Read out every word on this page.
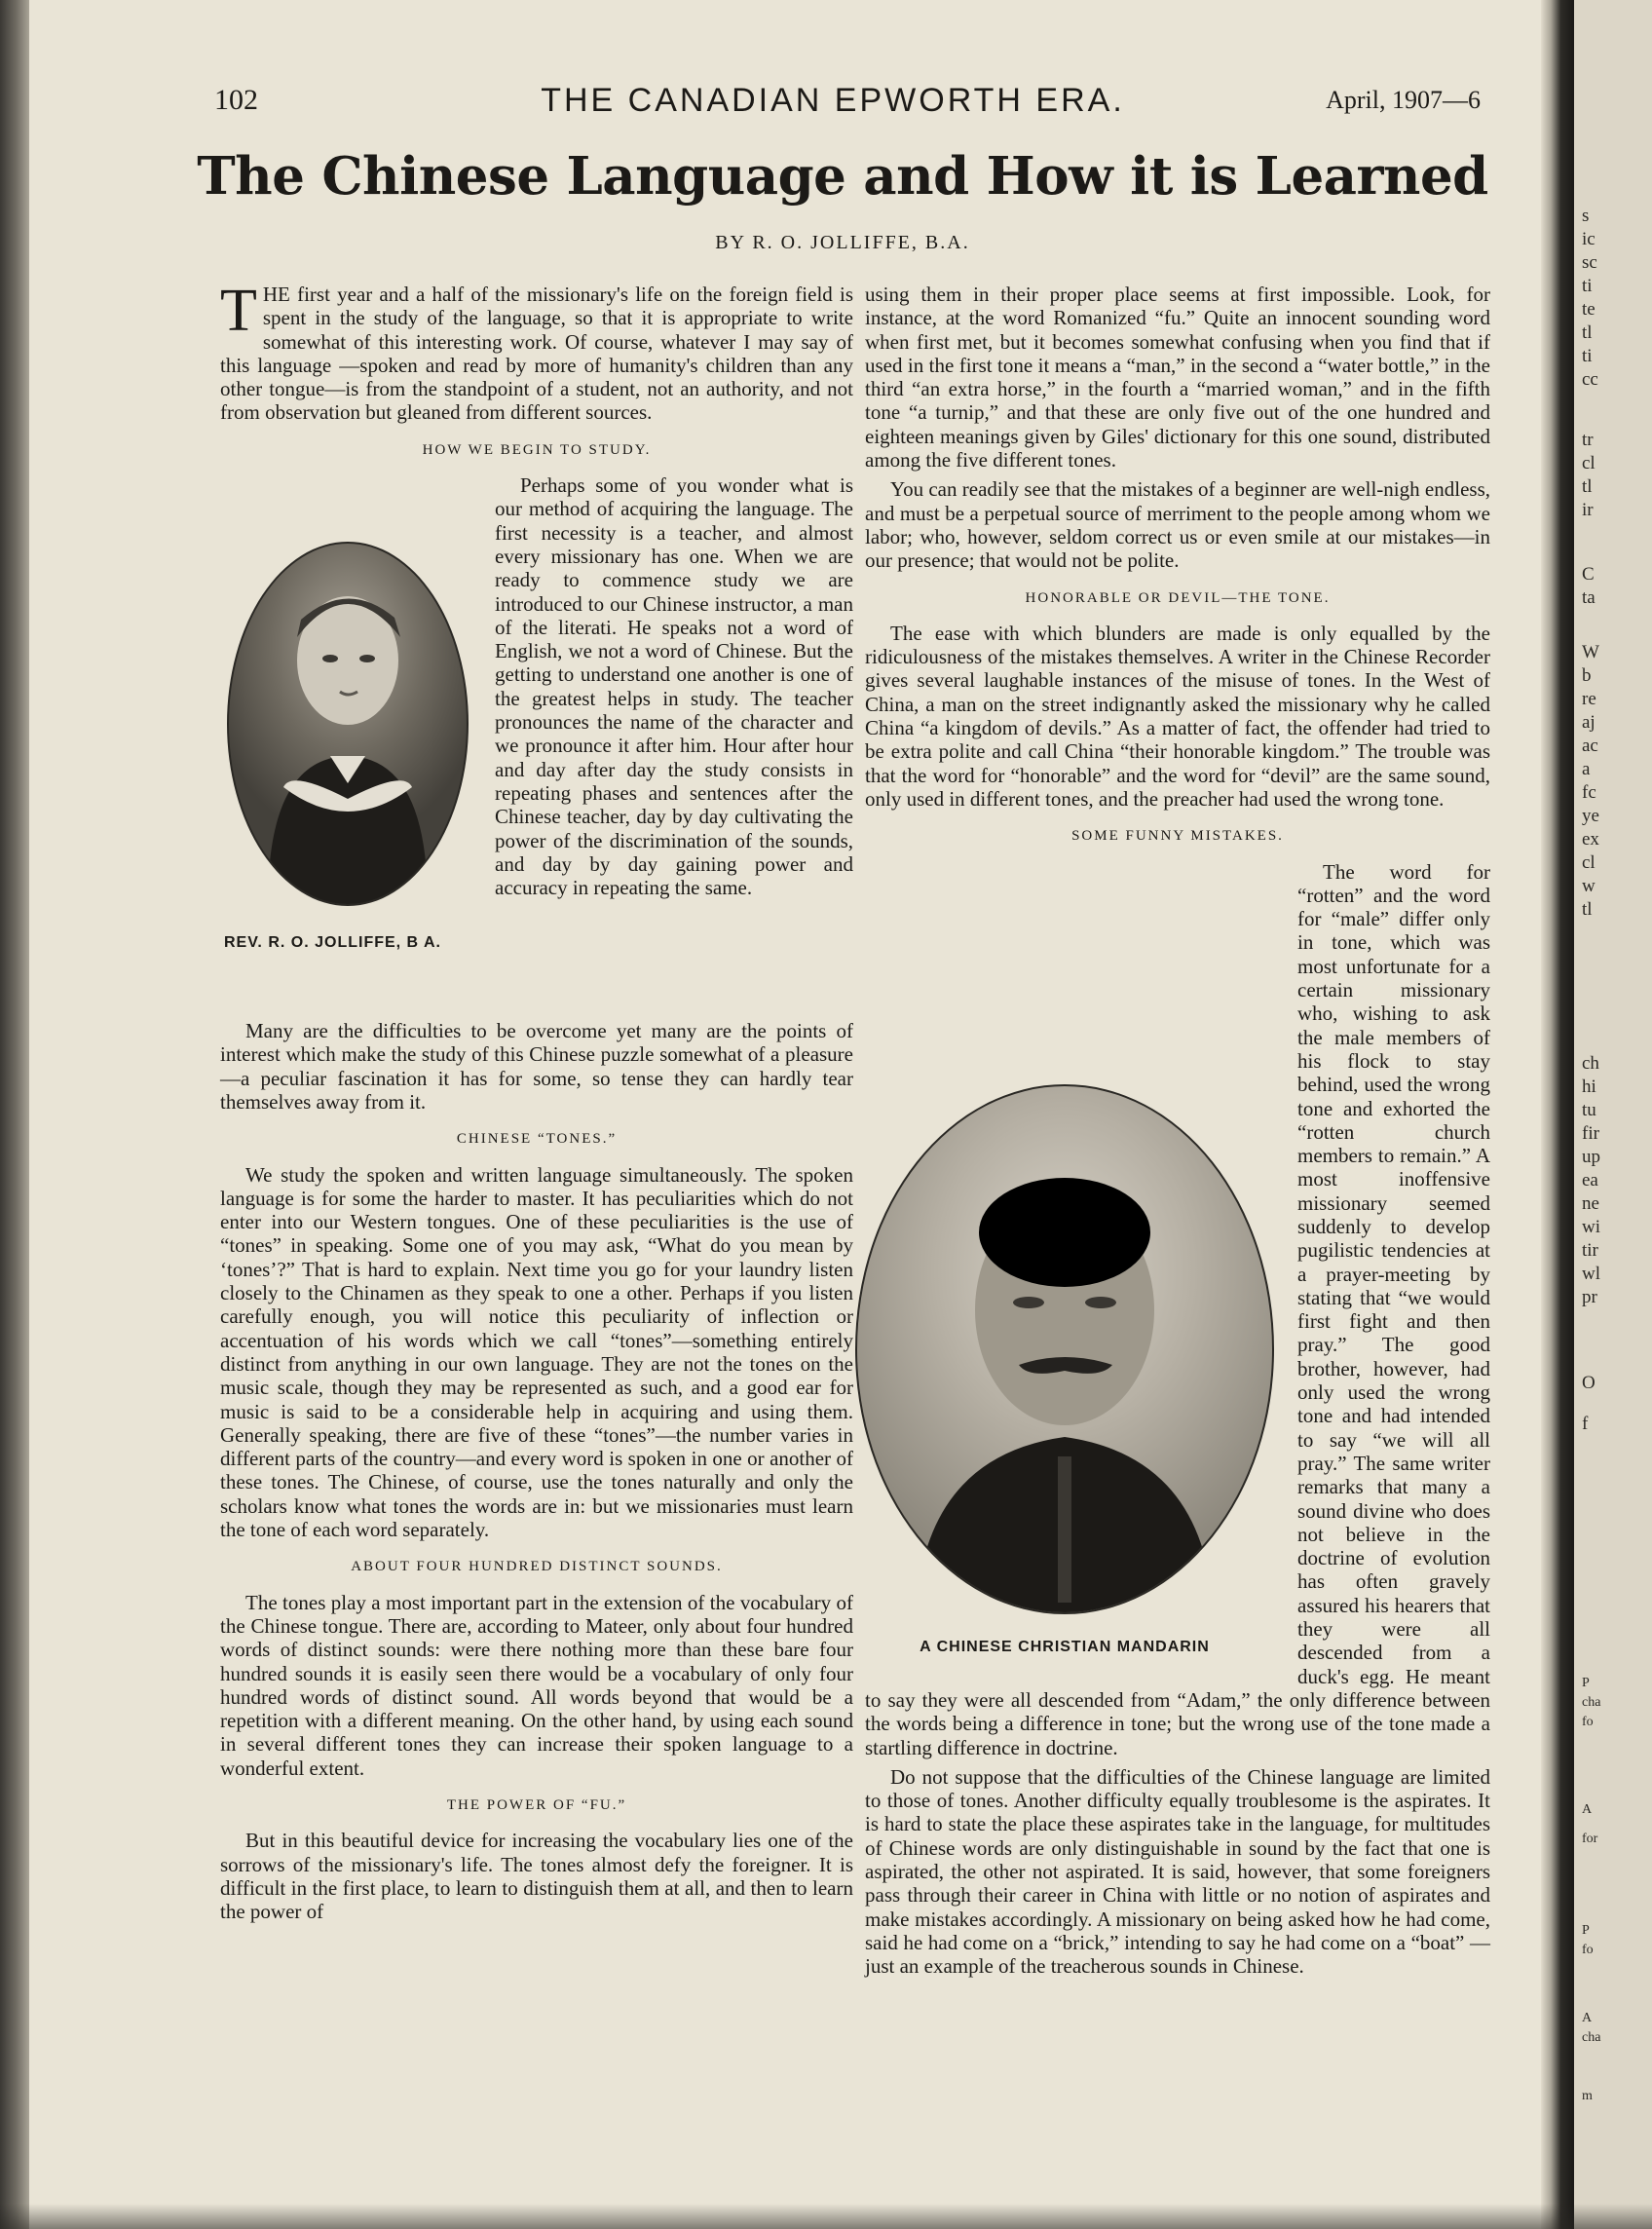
102	THE CANADIAN EPWORTH ERA.	April, 1907—6
The Chinese Language and How it is Learned
BY R. O. JOLLIFFE, B.A.

THE first year and a half of the missionary's life on the foreign field is spent in the study of the language, so that it is appropriate to write somewhat of this interesting work. Of course, whatever I may say of this language —spoken and read by more of humanity's children than any other tongue—is from the standpoint of a student, not an authority, and not from observation but gleaned from different sources.

HOW WE BEGIN TO STUDY.
REV. R. O. JOLLIFFE, B A.

Perhaps some of you wonder what is our method of acquiring the language. The first necessity is a teacher, and almost every missionary has one. When we are ready to commence study we are introduced to our Chinese instructor, a man of the literati. He speaks not a word of English, we not a word of Chinese. But the getting to understand one another is one of the greatest helps in study. The teacher pronounces the name of the character and we pronounce it after him. Hour after hour and day after day the study consists in repeating phases and sentences after the Chinese teacher, day by day cultivating the power of the discrimination of the sounds, and day by day gaining power and accuracy in repeating the same.

Many are the difficulties to be overcome yet many are the points of interest which make the study of this Chinese puzzle somewhat of a pleasure—a peculiar fascination it has for some, so tense they can hardly tear themselves away from it.

CHINESE “TONES.”

We study the spoken and written language simultaneously. The spoken language is for some the harder to master. It has peculiarities which do not enter into our Western tongues. One of these peculiarities is the use of “tones” in speaking. Some one of you may ask, “What do you mean by ‘tones’?” That is hard to explain. Next time you go for your laundry listen closely to the Chinamen as they speak to one a other. Perhaps if you listen carefully enough, you will notice this peculiarity of inflection or accentuation of his words which we call “tones”—something entirely distinct from anything in our own language. They are not the tones on the music scale, though they may be represented as such, and a good ear for music is said to be a considerable help in acquiring and using them. Generally speaking, there are five of these “tones”—the number varies in different parts of the country—and every word is spoken in one or another of these tones. The Chinese, of course, use the tones naturally and only the scholars know what tones the words are in: but we missionaries must learn the tone of each word separately.

ABOUT FOUR HUNDRED DISTINCT SOUNDS.

The tones play a most important part in the extension of the vocabulary of the Chinese tongue. There are, according to Mateer, only about four hundred words of distinct sounds: were there nothing more than these bare four hundred sounds it is easily seen there would be a vocabulary of only four hundred words of distinct sound. All words beyond that would be a repetition with a different meaning. On the other hand, by using each sound in several different tones they can increase their spoken language to a wonderful extent.

THE POWER OF “FU.”

But in this beautiful device for increasing the vocabulary lies one of the sorrows of the missionary's life. The tones almost defy the foreigner. It is difficult in the first place, to learn to distinguish them at all, and then to learn the power of

using them in their proper place seems at first impossible. Look, for instance, at the word Romanized “fu.” Quite an innocent sounding word when first met, but it becomes somewhat confusing when you find that if used in the first tone it means a “man,” in the second a “water bottle,” in the third “an extra horse,” in the fourth a “married woman,” and in the fifth tone “a turnip,” and that these are only five out of the one hundred and eighteen meanings given by Giles' dictionary for this one sound, distributed among the five different tones.

You can readily see that the mistakes of a beginner are well-nigh endless, and must be a perpetual source of merriment to the people among whom we labor; who, however, seldom correct us or even smile at our mistakes—in our presence; that would not be polite.

HONORABLE OR DEVIL—THE TONE.

The ease with which blunders are made is only equalled by the ridiculousness of the mistakes themselves. A writer in the Chinese Recorder gives several laughable instances of the misuse of tones. In the West of China, a man on the street indignantly asked the missionary why he called China “a kingdom of devils.” As a matter of fact, the offender had tried to be extra polite and call China “their honorable kingdom.” The trouble was that the word for “honorable” and the word for “devil” are the same sound, only used in different tones, and the preacher had used the wrong tone.

SOME FUNNY MISTAKES.
A CHINESE CHRISTIAN MANDARIN

The word for “rotten” and the word for “male” differ only in tone, which was most unfortunate for a certain missionary who, wishing to ask the male members of his flock to stay behind, used the wrong tone and exhorted the “rotten church members to remain.” A most inoffensive missionary seemed suddenly to develop pugilistic tendencies at a prayer-meeting by stating that “we would first fight and then pray.” The good brother, however, had only used the wrong tone and had intended to say “we will all pray.” The same writer remarks that many a sound divine who does not believe in the doctrine of evolution has often gravely assured his hearers that they were all descended from a duck's egg. He meant to say they were all descended from “Adam,” the only difference between the words being a difference in tone; but the wrong use of the tone made a startling difference in doctrine.

Do not suppose that the difficulties of the Chinese language are limited to those of tones. Another difficulty equally troublesome is the aspirates. It is hard to state the place these aspirates take in the language, for multitudes of Chinese words are only distinguishable in sound by the fact that one is aspirated, the other not aspirated. It is said, however, that some foreigners pass through their career in China with little or no notion of aspirates and make mistakes accordingly. A missionary on being asked how he had come, said he had come on a “brick,” intending to say he had come on a “boat” —just an example of the treacherous sounds in Chinese.

s
ic
sc
ti
te
tl
ti
cc
tr
cl
tl
ir
C
ta
W
b
re
aj
ac
a
fc
ye
ex
cl
w
tl
ch
hi
tu
fir
up
ea
ne
wi
tir
wl
pr
O
f
P
cha
fo
A
for
P
fo
A
cha
m
